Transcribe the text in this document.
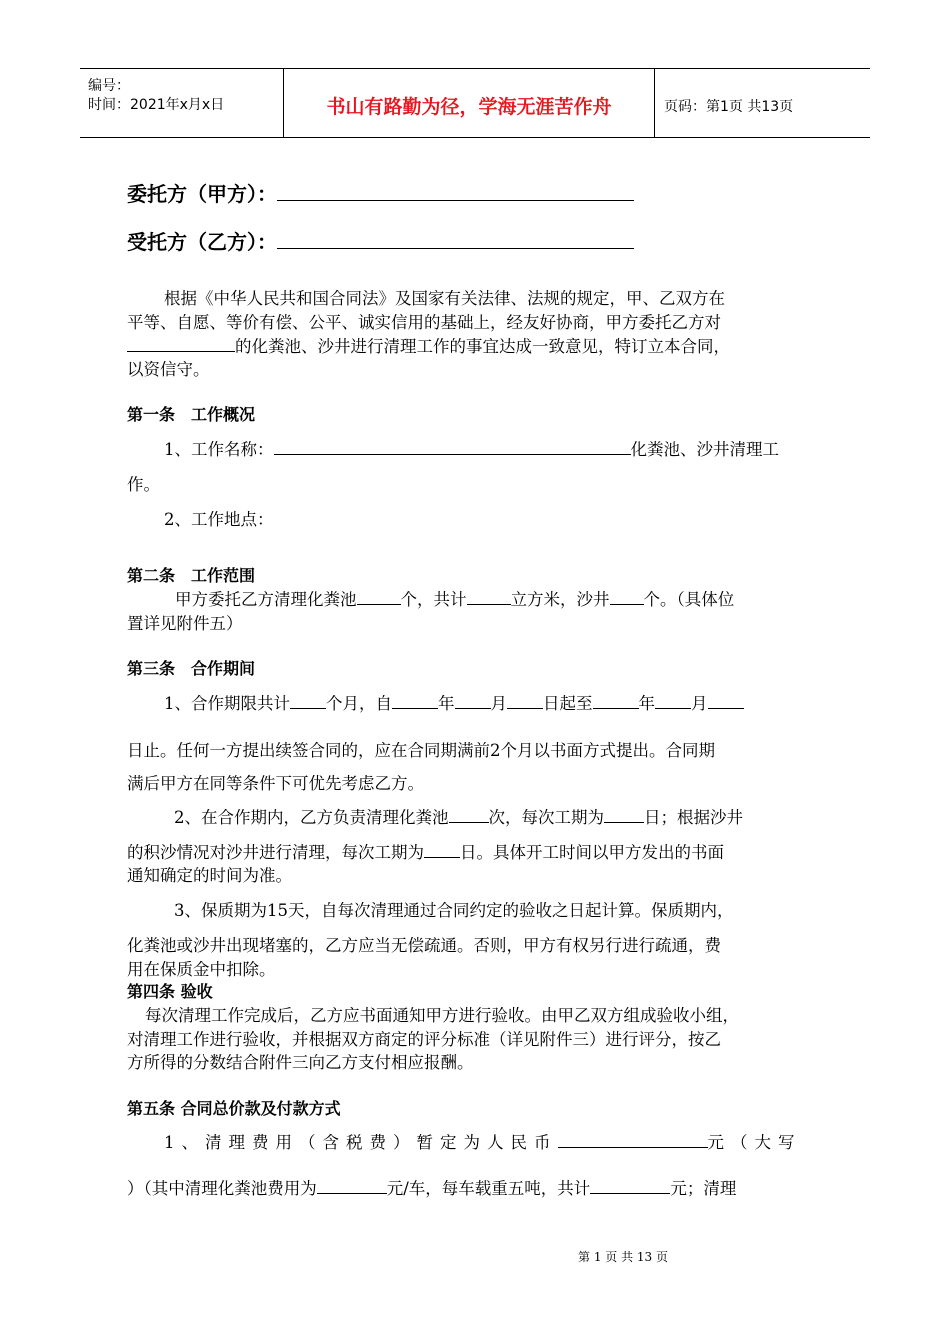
编号：
时间：2021年x月x日	书山有路勤为径，学海无涯苦作舟	页码：第1页 共13页
委托方（甲方）：
受托方（乙方）：
根据《中华人民共和国合同法》及国家有关法律、法规的规定，甲、乙双方在
平等、自愿、等价有偿、公平、诚实信用的基础上，经友好协商，甲方委托乙方对
的化粪池、沙井进行清理工作的事宜达成一致意见，特订立本合同，
以资信守。
第一条　工作概况
1、工作名称：	化粪池、沙井清理工
作。
2、工作地点：
第二条　工作范围
甲方委托乙方清理化粪池	个，共计	立方米，沙井 个。（具体位
置详见附件五）
第三条　合作期间
1、合作期限共计 个月，自	年 月 日起至	年 月
日止。任何一方提出续签合同的，应在合同期满前2个月以书面方式提出。合同期
满后甲方在同等条件下可优先考虑乙方。
2、在合作期内，乙方负责清理化粪池 次，每次工期为 日；根据沙井
的积沙情况对沙井进行清理，每次工期为 日。具体开工时间以甲方发出的书面
通知确定的时间为准。
3、保质期为15天，自每次清理通过合同约定的验收之日起计算。保质期内，
化粪池或沙井出现堵塞的，乙方应当无偿疏通。否则，甲方有权另行进行疏通，费
用在保质金中扣除。
第四条 验收
每次清理工作完成后，乙方应书面通知甲方进行验收。由甲乙双方组成验收小组，
对清理工作进行验收，并根据双方商定的评分标准（详见附件三）进行评分，按乙
方所得的分数结合附件三向乙方支付相应报酬。
第五条 合同总价款及付款方式
1、清理费用（含税费）暂定为人民币	元（大写
）（其中清理化粪池费用为	元/车，每车载重五吨，共计	元；清理
第 1 页 共 13 页
